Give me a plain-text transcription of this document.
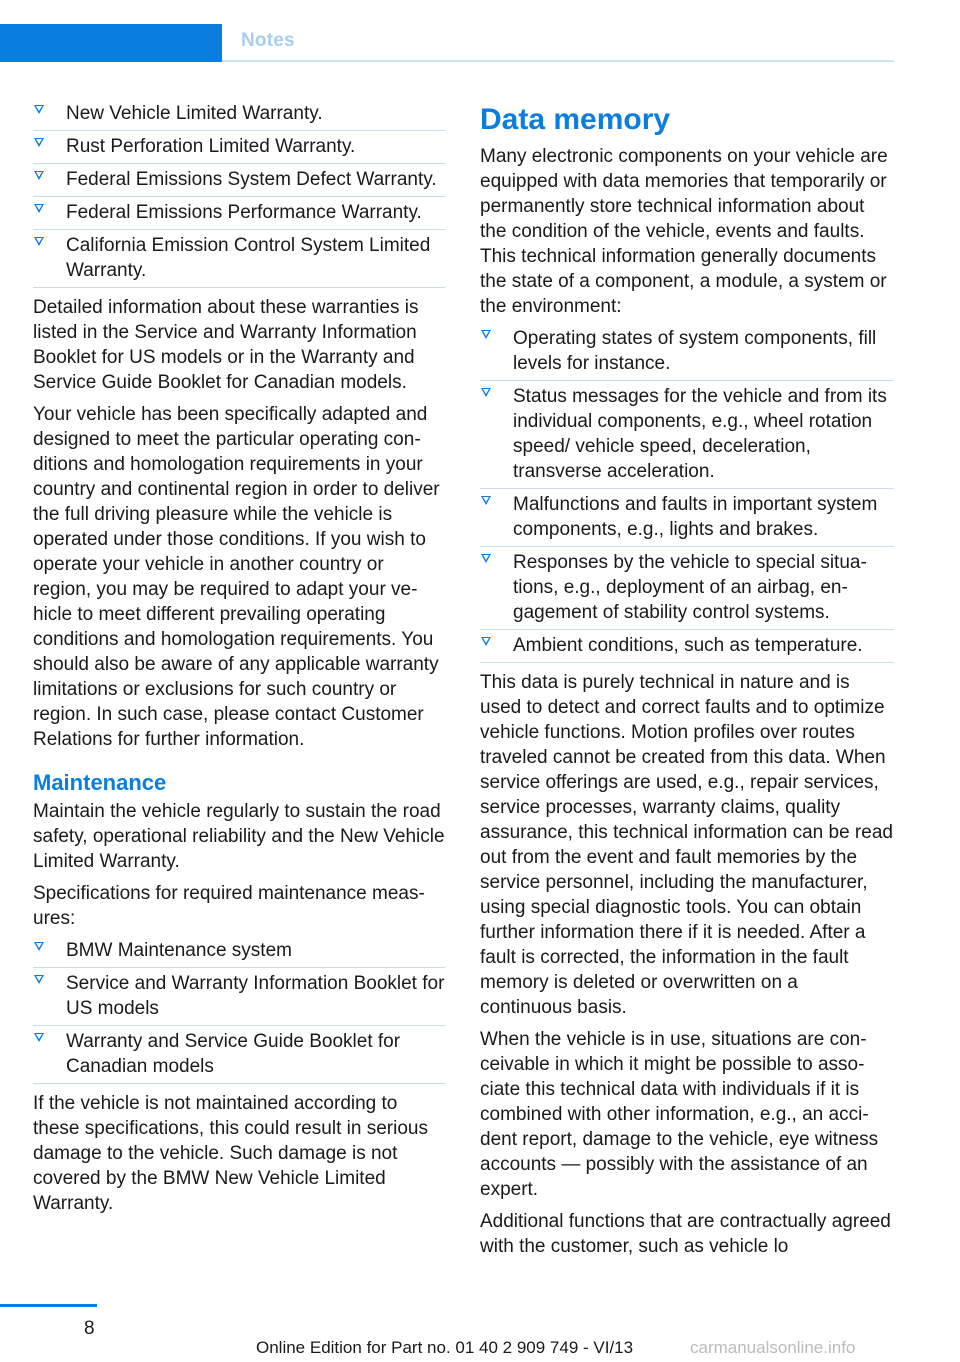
Notes
New Vehicle Limited Warranty.
Rust Perforation Limited Warranty.
Federal Emissions System Defect Warranty.
Federal Emissions Performance Warranty.
California Emission Control System Limited Warranty.

Detailed information about these warranties is listed in the Service and Warranty Information Booklet for US models or in the Warranty and Service Guide Booklet for Canadian models.

Your vehicle has been specifically adapted and designed to meet the particular operating conditions and homologation requirements in your country and continental region in order to deliver the full driving pleasure while the vehicle is operated under those conditions. If you wish to operate your vehicle in another country or region, you may be required to adapt your vehicle to meet different prevailing operating conditions and homologation requirements. You should also be aware of any applicable warranty limitations or exclusions for such country or region. In such case, please contact Customer Relations for further information.

Maintenance

Maintain the vehicle regularly to sustain the road safety, operational reliability and the New Vehicle Limited Warranty.

Specifications for required maintenance measures:

BMW Maintenance system
Service and Warranty Information Booklet for US models
Warranty and Service Guide Booklet for Canadian models

If the vehicle is not maintained according to these specifications, this could result in serious damage to the vehicle. Such damage is not covered by the BMW New Vehicle Limited Warranty.

Data memory

Many electronic components on your vehicle are equipped with data memories that temporarily or permanently store technical information about the condition of the vehicle, events and faults. This technical information generally documents the state of a component, a module, a system or the environment:

Operating states of system components, fill levels for instance.
Status messages for the vehicle and from its individual components, e.g., wheel rotation speed/ vehicle speed, deceleration, transverse acceleration.
Malfunctions and faults in important system components, e.g., lights and brakes.
Responses by the vehicle to special situations, e.g., deployment of an airbag, engagement of stability control systems.
Ambient conditions, such as temperature.

This data is purely technical in nature and is used to detect and correct faults and to optimize vehicle functions. Motion profiles over routes traveled cannot be created from this data. When service offerings are used, e.g., repair services, service processes, warranty claims, quality assurance, this technical information can be read out from the event and fault memories by the service personnel, including the manufacturer, using special diagnostic tools. You can obtain further information there if it is needed. After a fault is corrected, the information in the fault memory is deleted or overwritten on a continuous basis.

When the vehicle is in use, situations are conceivable in which it might be possible to associate this technical data with individuals if it is combined with other information, e.g., an accident report, damage to the vehicle, eye witness accounts — possibly with the assistance of an expert.

Additional functions that are contractually agreed with the customer, such as vehicle lo

8
Online Edition for Part no. 01 40 2 909 749 - VI/13	carmanualsonline.info
